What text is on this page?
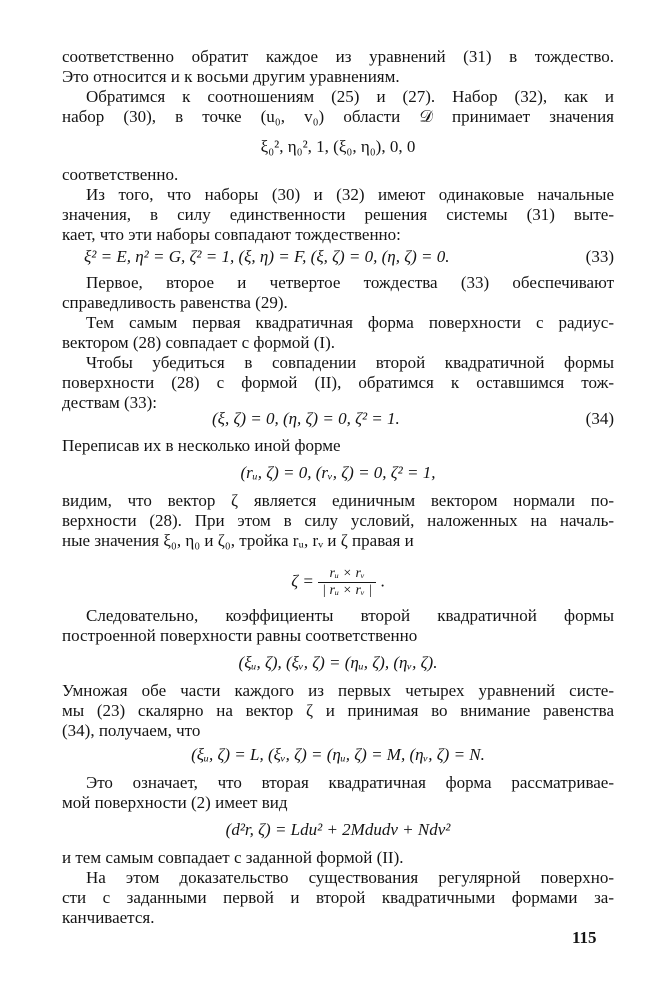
соответственно обратит каждое из уравнений (31) в тождество.
Это относится и к восьми другим уравнениям.
Обратимся к соотношениям (25) и (27). Набор (32), как и
набор (30), в точке (u₀, v₀) области 𝒟 принимает значения
ξ₀², η₀², 1, (ξ₀, η₀), 0, 0
соответственно.
Из того, что наборы (30) и (32) имеют одинаковые начальные
значения, в силу единственности решения системы (31) выте-
кает, что эти наборы совпадают тождественно:
ξ² = E, η² = G, ζ² = 1, (ξ, η) = F, (ξ, ζ) = 0, (η, ζ) = 0.	(33)
Первое, второе и четвертое тождества (33) обеспечивают
справедливость равенства (29).
Тем самым первая квадратичная форма поверхности с радиус-
вектором (28) совпадает с формой (I).
Чтобы убедиться в совпадении второй квадратичной формы
поверхности (28) с формой (II), обратимся к оставшимся тож-
дествам (33):
(ξ, ζ) = 0, (η, ζ) = 0, ζ² = 1.	(34)
Переписав их в несколько иной форме
(rᵤ, ζ) = 0, (rᵥ, ζ) = 0, ζ² = 1,
видим, что вектор ζ является единичным вектором нормали по-
верхности (28). При этом в силу условий, наложенных на началь-
ные значения ξ₀, η₀ и ζ₀, тройка rᵤ, rᵥ и ζ правая и
$\zeta = \frac{\text{rᵤ × rᵥ}}{\text{| rᵤ × rᵥ |}}$ .
Следовательно, коэффициенты второй квадратичной формы
построенной поверхности равны соответственно
(ξᵤ, ζ), (ξᵥ, ζ) = (ηᵤ, ζ), (ηᵥ, ζ).
Умножая обе части каждого из первых четырех уравнений систе-
мы (23) скалярно на вектор ζ и принимая во внимание равенства
(34), получаем, что
(ξᵤ, ζ) = L, (ξᵥ, ζ) = (ηᵤ, ζ) = M, (ηᵥ, ζ) = N.
Это означает, что вторая квадратичная форма рассматривае-
мой поверхности (2) имеет вид
(d²r, ζ) = Ldu² + 2Mdudv + Ndv²
и тем самым совпадает с заданной формой (II).
На этом доказательство существования регулярной поверхно-
сти с заданными первой и второй квадратичными формами за-
канчивается.
115
